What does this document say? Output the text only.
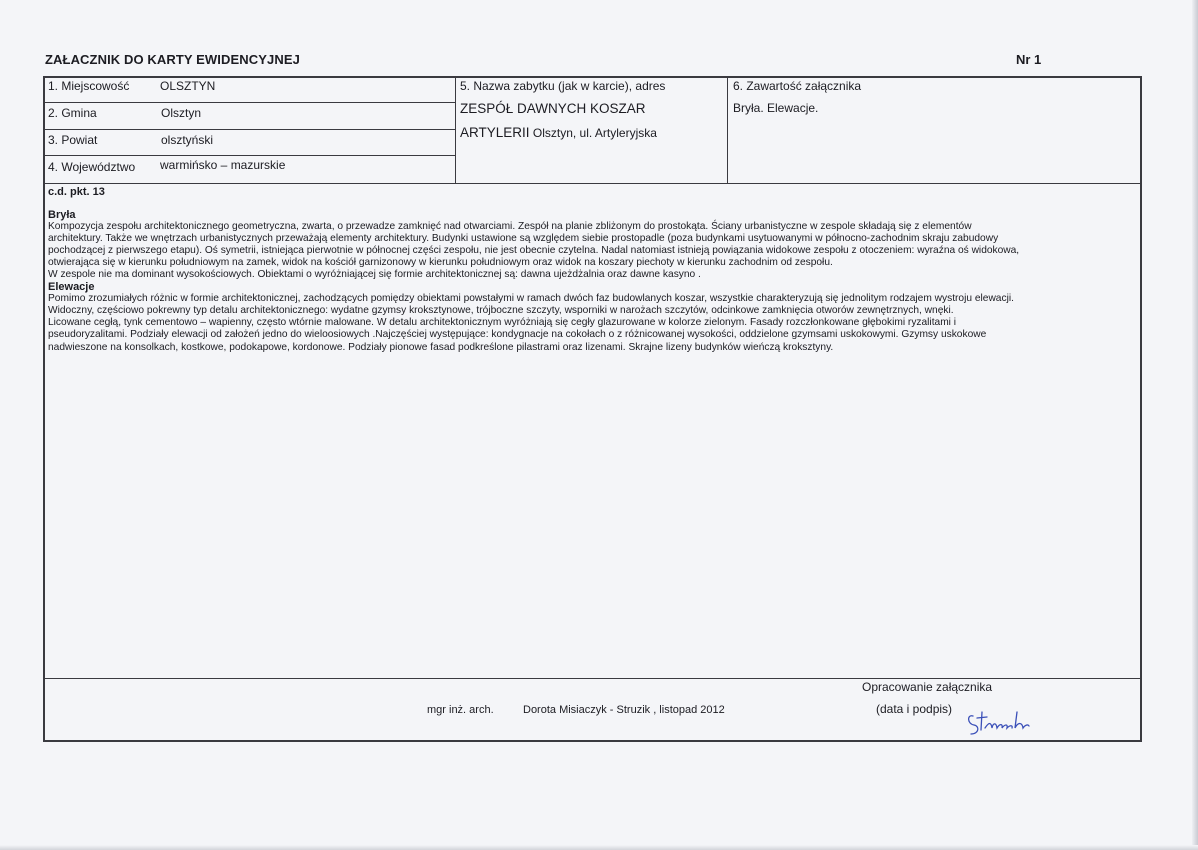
ZAŁACZNIK DO KARTY EWIDENCYJNEJ	Nr 1
1. Miejscowość	OLSZTYN
2. Gmina	Olsztyn
3. Powiat	olsztyński
4. Województwo warmińsko – mazurskie
5. Nazwa zabytku (jak w karcie), adres
ZESPÓŁ DAWNYCH KOSZAR
ARTYLERII Olsztyn, ul. Artyleryjska
6. Zawartość załącznika
Bryła. Elewacje.
c.d. pkt. 13

Bryła

Kompozycja zespołu architektonicznego geometryczna, zwarta, o przewadze zamknięć nad otwarciami. Zespół na planie zbliżonym do prostokąta. Ściany urbanistyczne w zespole składają się z elementów

architektury. Także we wnętrzach urbanistycznych przeważają elementy architektury. Budynki ustawione są względem siebie prostopadle (poza budynkami usytuowanymi w północno-zachodnim skraju zabudowy

pochodzącej z pierwszego etapu). Oś symetrii, istniejąca pierwotnie w północnej części zespołu, nie jest obecnie czytelna. Nadal natomiast istnieją powiązania widokowe zespołu z otoczeniem: wyraźna oś widokowa,

otwierająca się w kierunku południowym na zamek, widok na kościół garnizonowy w kierunku południowym oraz widok na koszary piechoty w kierunku zachodnim od zespołu.

W zespole nie ma dominant wysokościowych. Obiektami o wyróżniającej się formie architektonicznej są: dawna ujeżdżalnia oraz dawne kasyno .

Elewacje

Pomimo zrozumiałych różnic w formie architektonicznej, zachodzących pomiędzy obiektami powstałymi w ramach dwóch faz budowlanych koszar, wszystkie charakteryzują się jednolitym rodzajem wystroju elewacji.

Widoczny, częściowo pokrewny typ detalu architektonicznego: wydatne gzymsy krokszty​nowe, trójboczne szczyty, wsporniki w narożach szczytów, odcinkowe zamknięcia otworów zewnętrznych, wnęki.

Licowane cegłą, tynk cementowo – wapienny, często wtórnie malowane. W detalu architektonicznym wyróżniają się cegły glazurowane w kolorze zielonym. Fasady rozczłonkowane głębokimi ryzalitami i

pseudoryzalitami. Podziały elewacji od założeń jedno do wieloosiowych .Najczęściej występujące: kondygnacje na cokołach o z różnicowanej wysokości, oddzielone gzymsami uskokowymi. Gzymsy uskokowe

nadwieszone na konsolkach, kostkowe, podokapowe, kordonowe. Podziały pionowe fasad podkreślone pilastrami oraz lizenami. Skrajne lizeny budynków wieńczą kroksztyny.

Opracowanie załącznika
mgr inż. arch.	Dorota Misiaczyk - Struzik , listopad 2012	(data i podpis)
